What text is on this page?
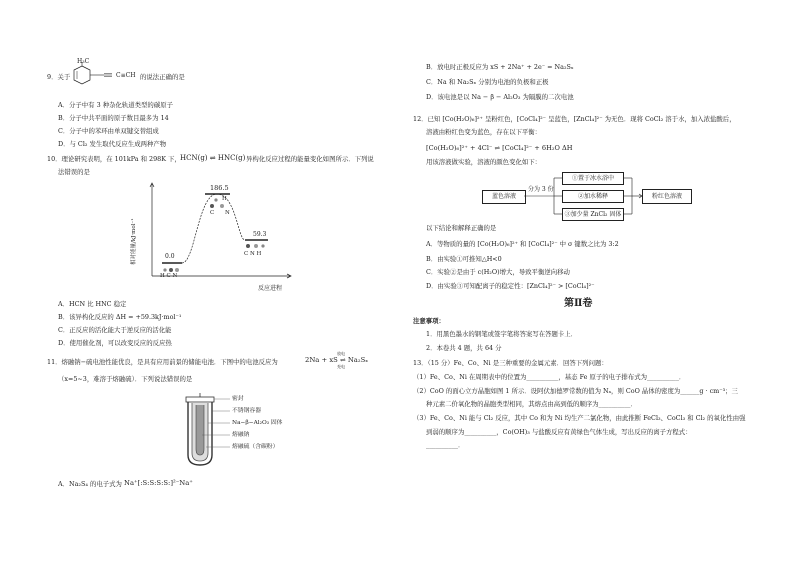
H₃C
C≡CH
9．关于	的说法正确的是
A．分子中有 3 种杂化轨道类型的碳原子
B．分子中共平面的原子数目最多为 14
C．分子中的苯环由单双键交替组成
D．与 Cl₂ 发生取代反应生成两种产物
10．理论研究表明，在 101kPa 和 298K 下， HCN(g) ⇌ HNC(g) 异构化反应过程的能量变化如图所示．下列说
法错误的是
相对能量/kJ·mol⁻¹	0.0
186.5
59.3
H C N
H
C N
C N H
反应进程
A．HCN 比 HNC 稳定
B．该异构化反应的 ΔH = +59.3kJ·mol⁻¹
C．正反应的活化能大于逆反应的活化能
D．使用催化剂，可以改变反应的反应热
11．熔融钠−硫电池性能优良，是具有应用前景的储能电池．下图中的电池反应为	2Na + xS ⇌ Na₂Sₓ
放电
充电
（x=5~3，难溶于熔融硫）．下列说法错误的是
密封
不锈钢容器
Na−β−Al₂O₃ 固体
熔融钠
熔融硫（含碳粉）
A．Na₂S₄ 的电子式为 Na⁺[:S:S:S:S:]²⁻Na⁺
B．放电时正极反应为 xS + 2Na⁺ + 2e⁻ = Na₂Sₓ
C．Na 和 Na₂Sₓ 分别为电池的负极和正极
D．该电池是以 Na − β − Al₂O₃ 为隔膜的二次电池
12．已知 [Co(H₂O)₆]²⁺ 呈粉红色，[CoCl₄]²⁻ 呈蓝色，[ZnCl₄]²⁻ 为无色．现将 CoCl₂ 溶于水，加入浓盐酸后，
溶液由粉红色变为蓝色，存在以下平衡：
[Co(H₂O)₆]²⁺ + 4Cl⁻ ⇌ [CoCl₄]²⁻ + 6H₂O ΔH
用该溶液做实验，溶液的颜色变化如下：
蓝色溶液
分为 3 份
①置于冰水浴中
②加水稀释
③加少量 ZnCl₂ 固体
粉红色溶液
以下结论和解释正确的是
A．等物质的量的 [Co(H₂O)₆]²⁺ 和 [CoCl₄]²⁻ 中 σ 键数之比为 3:2
B．由实验①可推知△H<0
C．实验②是由于 c(H₂O)增大，导致平衡逆向移动
D．由实验③可知配离子的稳定性：[ZnCl₄]²⁻ > [CoCl₄]²⁻
第Ⅱ卷
注意事项：
1．用黑色墨水的钢笔或签字笔将答案写在答题卡上．
2．本卷共 4 题，共 64 分
13．（15 分）Fe、Co、Ni 是三种重要的金属元素．回答下列问题：
（1）Fe、Co、Ni 在周期表中的位置为__________，基态 Fe 原子的电子排布式为__________．
（2）CoO 的面心立方晶胞如图 1 所示．设阿伏加德罗常数的值为 Nₐ，则 CoO 晶体的密度为______g · cm⁻³；三
种元素二价氧化物的晶胞类型相同，其熔点由高到低的顺序为__________．
（3）Fe、Co、Ni 能与 Cl₂ 反应，其中 Co 和为 Ni 均生产二氯化物，由此推断 FeCl₃、CoCl₃ 和 Cl₂ 的氧化性由强
到弱的顺序为__________，Co(OH)₃ 与盐酸反应有黄绿色气体生成，写出反应的离子方程式：
__________．
